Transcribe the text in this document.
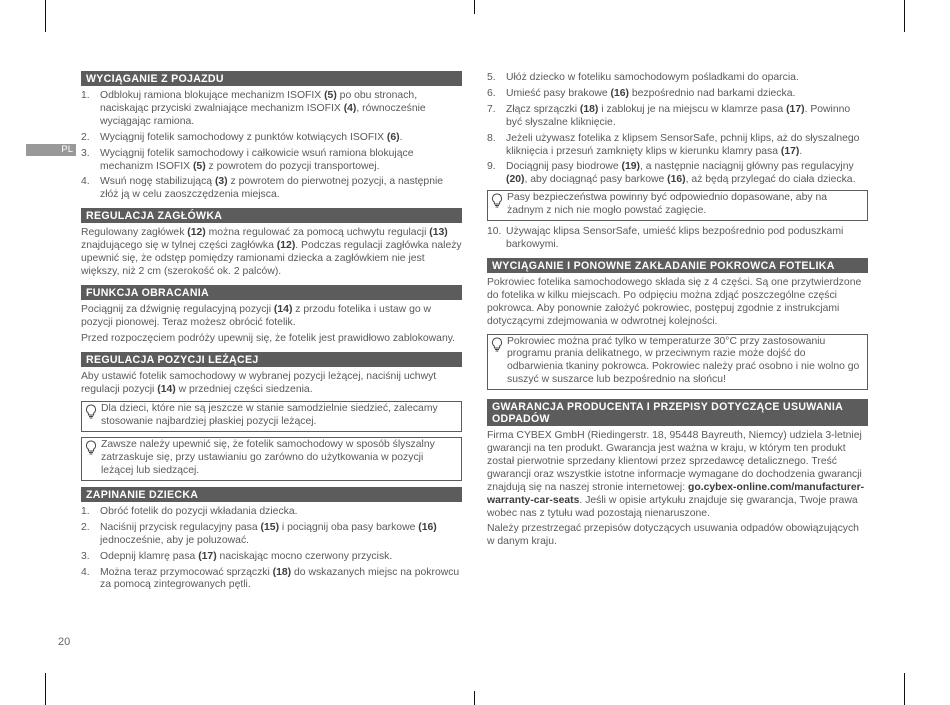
PL
20
WYCIĄGANIE Z POJAZDU
1. Odblokuj ramiona blokujące mechanizm ISOFIX (5) po obu stronach, naciskając przyciski zwalniające mechanizm ISOFIX (4), równocześnie wyciągając ramiona.
2. Wyciągnij fotelik samochodowy z punktów kotwiących ISOFIX (6).
3. Wyciągnij fotelik samochodowy i całkowicie wsuń ramiona blokujące mechanizm ISOFIX (5) z powrotem do pozycji transportowej.
4. Wsuń nogę stabilizującą (3) z powrotem do pierwotnej pozycji, a następnie złóż ją w celu zaoszczędzenia miejsca.
REGULACJA ZAGŁÓWKA

Regulowany zagłówek (12) można regulować za pomocą uchwytu regulacji (13) znajdującego się w tylnej części zagłówka (12). Podczas regulacji zagłówka należy upewnić się, że odstęp pomiędzy ramionami dziecka a zagłówkiem nie jest większy, niż 2 cm (szerokość ok. 2 palców).

FUNKCJA OBRACANIA

Pociągnij za dźwignię regulacyjną pozycji (14) z przodu fotelika i ustaw go w pozycji pionowej. Teraz możesz obrócić fotelik.

Przed rozpoczęciem podróży upewnij się, że fotelik jest prawidłowo zablokowany.

REGULACJA POZYCJI LEŻĄCEJ

Aby ustawić fotelik samochodowy w wybranej pozycji leżącej, naciśnij uchwyt regulacji pozycji (14) w przedniej części siedzenia.

Dla dzieci, które nie są jeszcze w stanie samodzielnie siedzieć, zalecamy stosowanie najbardziej płaskiej pozycji leżącej.
Zawsze należy upewnić się, że fotelik samochodowy w sposób ślyszalny zatrzaskuje się, przy ustawianiu go zarówno do użytkowania w pozycji leżącej lub siedzącej.
ZAPINANIE DZIECKA
1. Obróć fotelik do pozycji wkładania dziecka.
2. Naciśnij przycisk regulacyjny pasa (15) i pociągnij oba pasy barkowe (16) jednocześnie, aby je poluzować.
3. Odepnij klamrę pasa (17) naciskając mocno czerwony przycisk.
4. Można teraz przymocować sprzączki (18) do wskazanych miejsc na pokrowcu za pomocą zintegrowanych pętli.
5. Ułóż dziecko w foteliku samochodowym pośladkami do oparcia.
6. Umieść pasy brakowe (16) bezpośrednio nad barkami dziecka.
7. Złącz sprzączki (18) i zablokuj je na miejscu w klamrze pasa (17). Powinno być słyszalne kliknięcie.
8. Jeżeli używasz fotelika z klipsem SensorSafe, pchnij klips, aż do słyszalnego kliknięcia i przesuń zamknięty klips w kierunku klamry pasa (17).
9. Dociągnij pasy biodrowe (19), a następnie naciągnij główny pas regulacyjny (20), aby dociągnąć pasy barkowe (16), aż będą przylegać do ciała dziecka.
Pasy bezpieczeństwa powinny być odpowiednio dopasowane, aby na żadnym z nich nie mogło powstać zagięcie.
10. Używając klipsa SensorSafe, umieść klips bezpośrednio pod poduszkami barkowymi.
WYCIĄGANIE I PONOWNE ZAKŁADANIE POKROWCA FOTELIKA

Pokrowiec fotelika samochodowego składa się z 4 części. Są one przytwierdzone do fotelika w kilku miejscach. Po odpięciu można zdjąć poszczególne części pokrowca. Aby ponownie założyć pokrowiec, postępuj zgodnie z instrukcjami dotyczącymi zdejmowania w odwrotnej kolejności.

Pokrowiec można prać tylko w temperaturze 30°C przy zastosowaniu programu prania delikatnego, w przeciwnym razie może dojść do odbarwienia tkaniny pokrowca. Pokrowiec należy prać osobno i nie wolno go suszyć w suszarce lub bezpośrednio na słońcu!
GWARANCJA PRODUCENTA I PRZEPISY DOTYCZĄCE USUWANIA ODPADÓW

Firma CYBEX GmbH (Riedingerstr. 18, 95448 Bayreuth, Niemcy) udziela 3-letniej gwarancji na ten produkt. Gwarancja jest ważna w kraju, w którym ten produkt został pierwotnie sprzedany klientowi przez sprzedawcę detalicznego. Treść gwarancji oraz wszystkie istotne informacje wymagane do dochodzenia gwarancji znajdują się na naszej stronie internetowej: go.cybex-online.com/manufacturer-warranty-car-seats. Jeśli w opisie artykułu znajduje się gwarancja, Twoje prawa wobec nas z tytułu wad pozostają nienaruszone.

Należy przestrzegać przepisów dotyczących usuwania odpadów obowiązujących w danym kraju.
